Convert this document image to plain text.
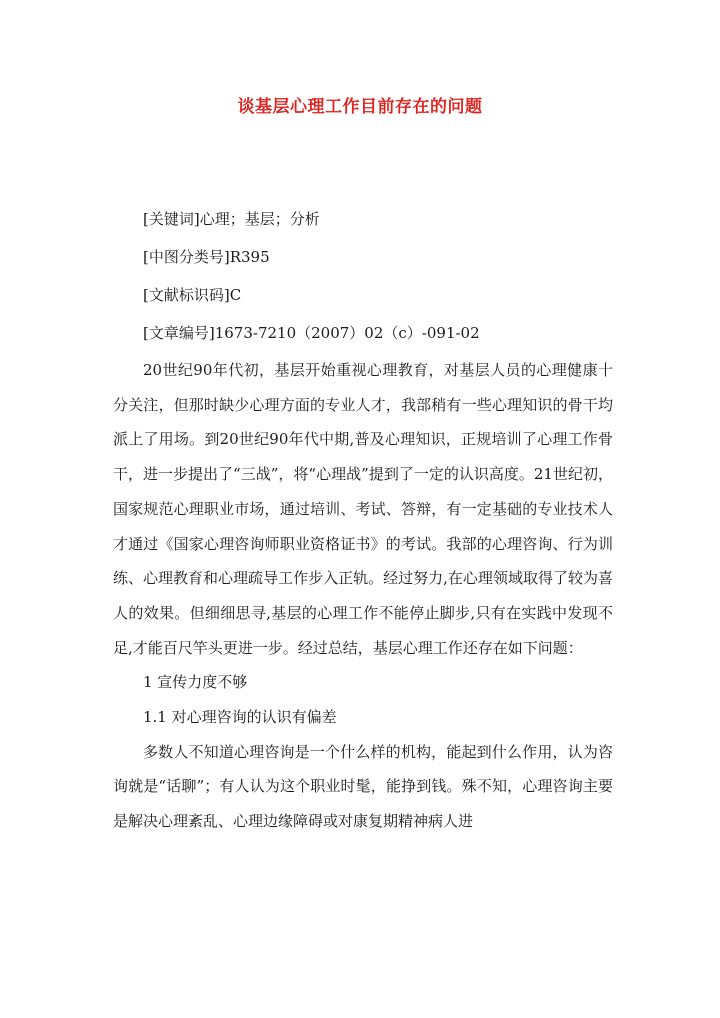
谈基层心理工作目前存在的问题
[关键词]心理；基层；分析
[中图分类号]R395
[文献标识码]C
[文章编号]1673-7210（2007）02（c）-091-02

20世纪90年代初，基层开始重视心理教育，对基层人员的心理健康十分关注，但那时缺少心理方面的专业人才，我部稍有一些心理知识的骨干均派上了用场。到20世纪90年代中期,普及心理知识，正规培训了心理工作骨干，进一步提出了“三战”，将“心理战”提到了一定的认识高度。21世纪初，国家规范心理职业市场，通过培训、考试、答辩，有一定基础的专业技术人才通过《国家心理咨询师职业资格证书》的考试。我部的心理咨询、行为训练、心理教育和心理疏导工作步入正轨。经过努力,在心理领域取得了较为喜人的效果。但细细思寻,基层的心理工作不能停止脚步,只有在实践中发现不足,才能百尺竿头更进一步。经过总结，基层心理工作还存在如下问题：

1 宣传力度不够

1.1 对心理咨询的认识有偏差

多数人不知道心理咨询是一个什么样的机构，能起到什么作用，认为咨询就是“话聊”；有人认为这个职业时髦，能挣到钱。殊不知，心理咨询主要是解决心理紊乱、心理边缘障碍或对康复期精神病人进
